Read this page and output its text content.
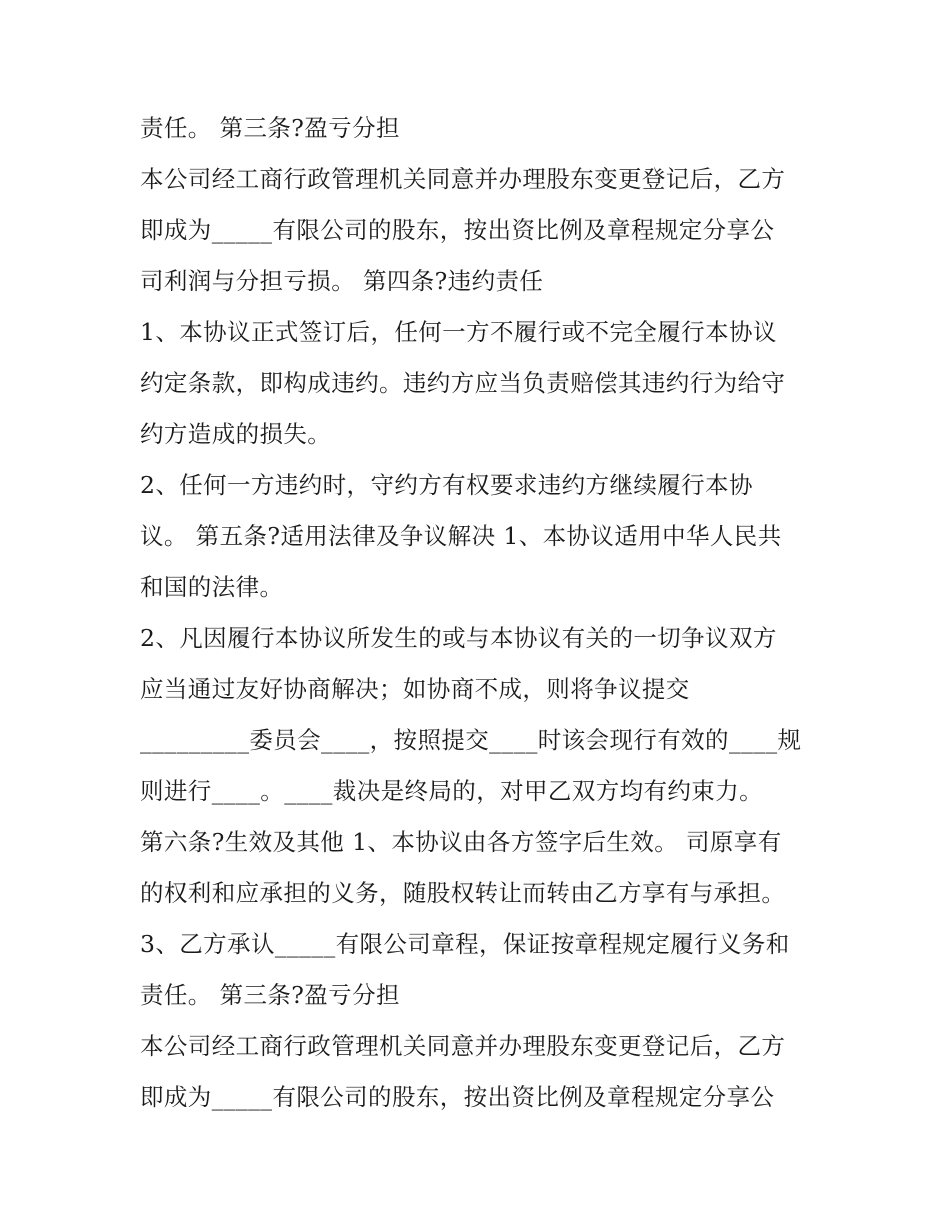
责任。 第三条?盈亏分担
本公司经工商行政管理机关同意并办理股东变更登记后，乙方
即成为_____有限公司的股东，按出资比例及章程规定分享公
司利润与分担亏损。 第四条?违约责任
1、本协议正式签订后，任何一方不履行或不完全履行本协议
约定条款，即构成违约。违约方应当负责赔偿其违约行为给守
约方造成的损失。
2、任何一方违约时，守约方有权要求违约方继续履行本协
议。 第五条?适用法律及争议解决 1、本协议适用中华人民共
和国的法律。
2、凡因履行本协议所发生的或与本协议有关的一切争议双方
应当通过友好协商解决；如协商不成，则将争议提交
_________委员会____，按照提交____时该会现行有效的____规
则进行____。____裁决是终局的，对甲乙双方均有约束力。
第六条?生效及其他 1、本协议由各方签字后生效。 司原享有
的权利和应承担的义务，随股权转让而转由乙方享有与承担。
3、乙方承认_____有限公司章程，保证按章程规定履行义务和
责任。 第三条?盈亏分担
本公司经工商行政管理机关同意并办理股东变更登记后，乙方
即成为_____有限公司的股东，按出资比例及章程规定分享公
